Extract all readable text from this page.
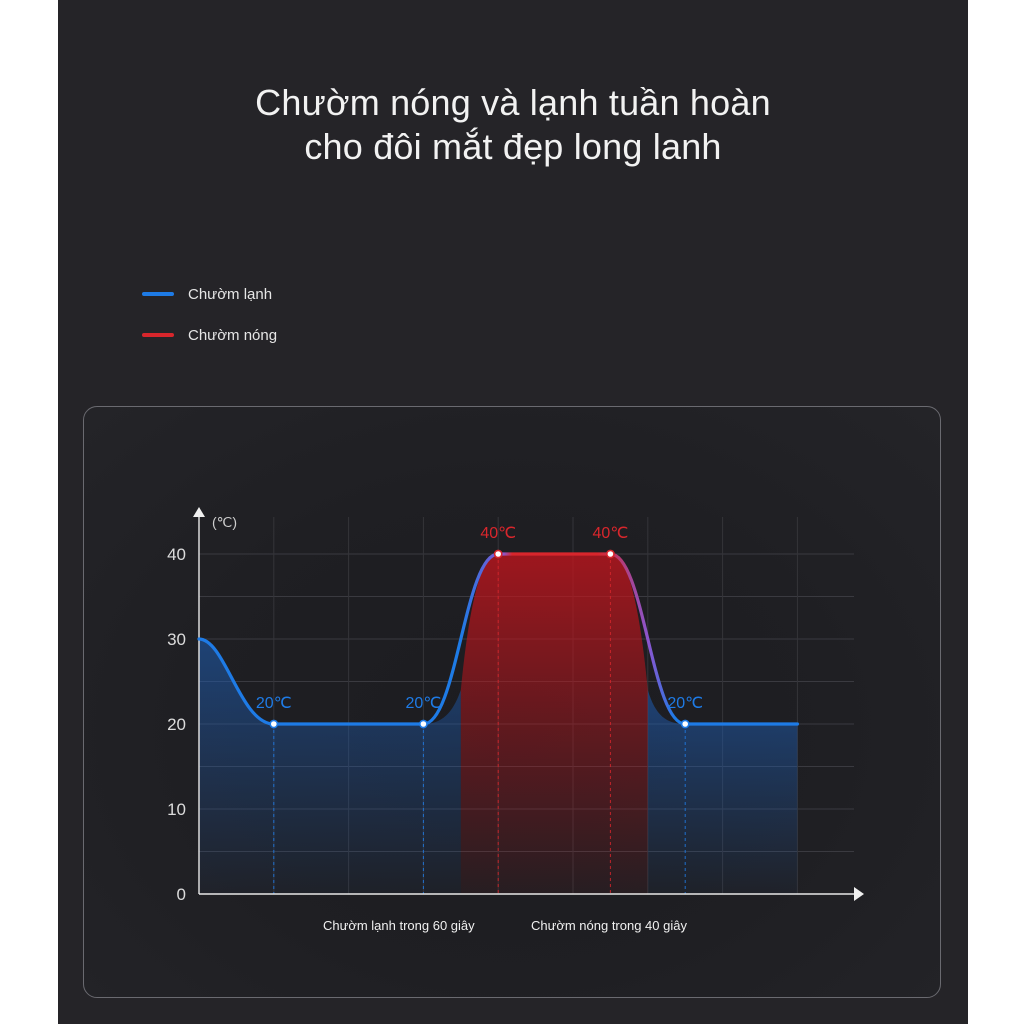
Chườm nóng và lạnh tuần hoàn
cho đôi mắt đẹp long lanh
Chườm lạnh
Chườm nóng
0
10
20
30
40
(℃)
20℃	20℃
40℃	40℃
20℃
Chườm lạnh trong 60 giây	Chườm nóng trong 40 giây
